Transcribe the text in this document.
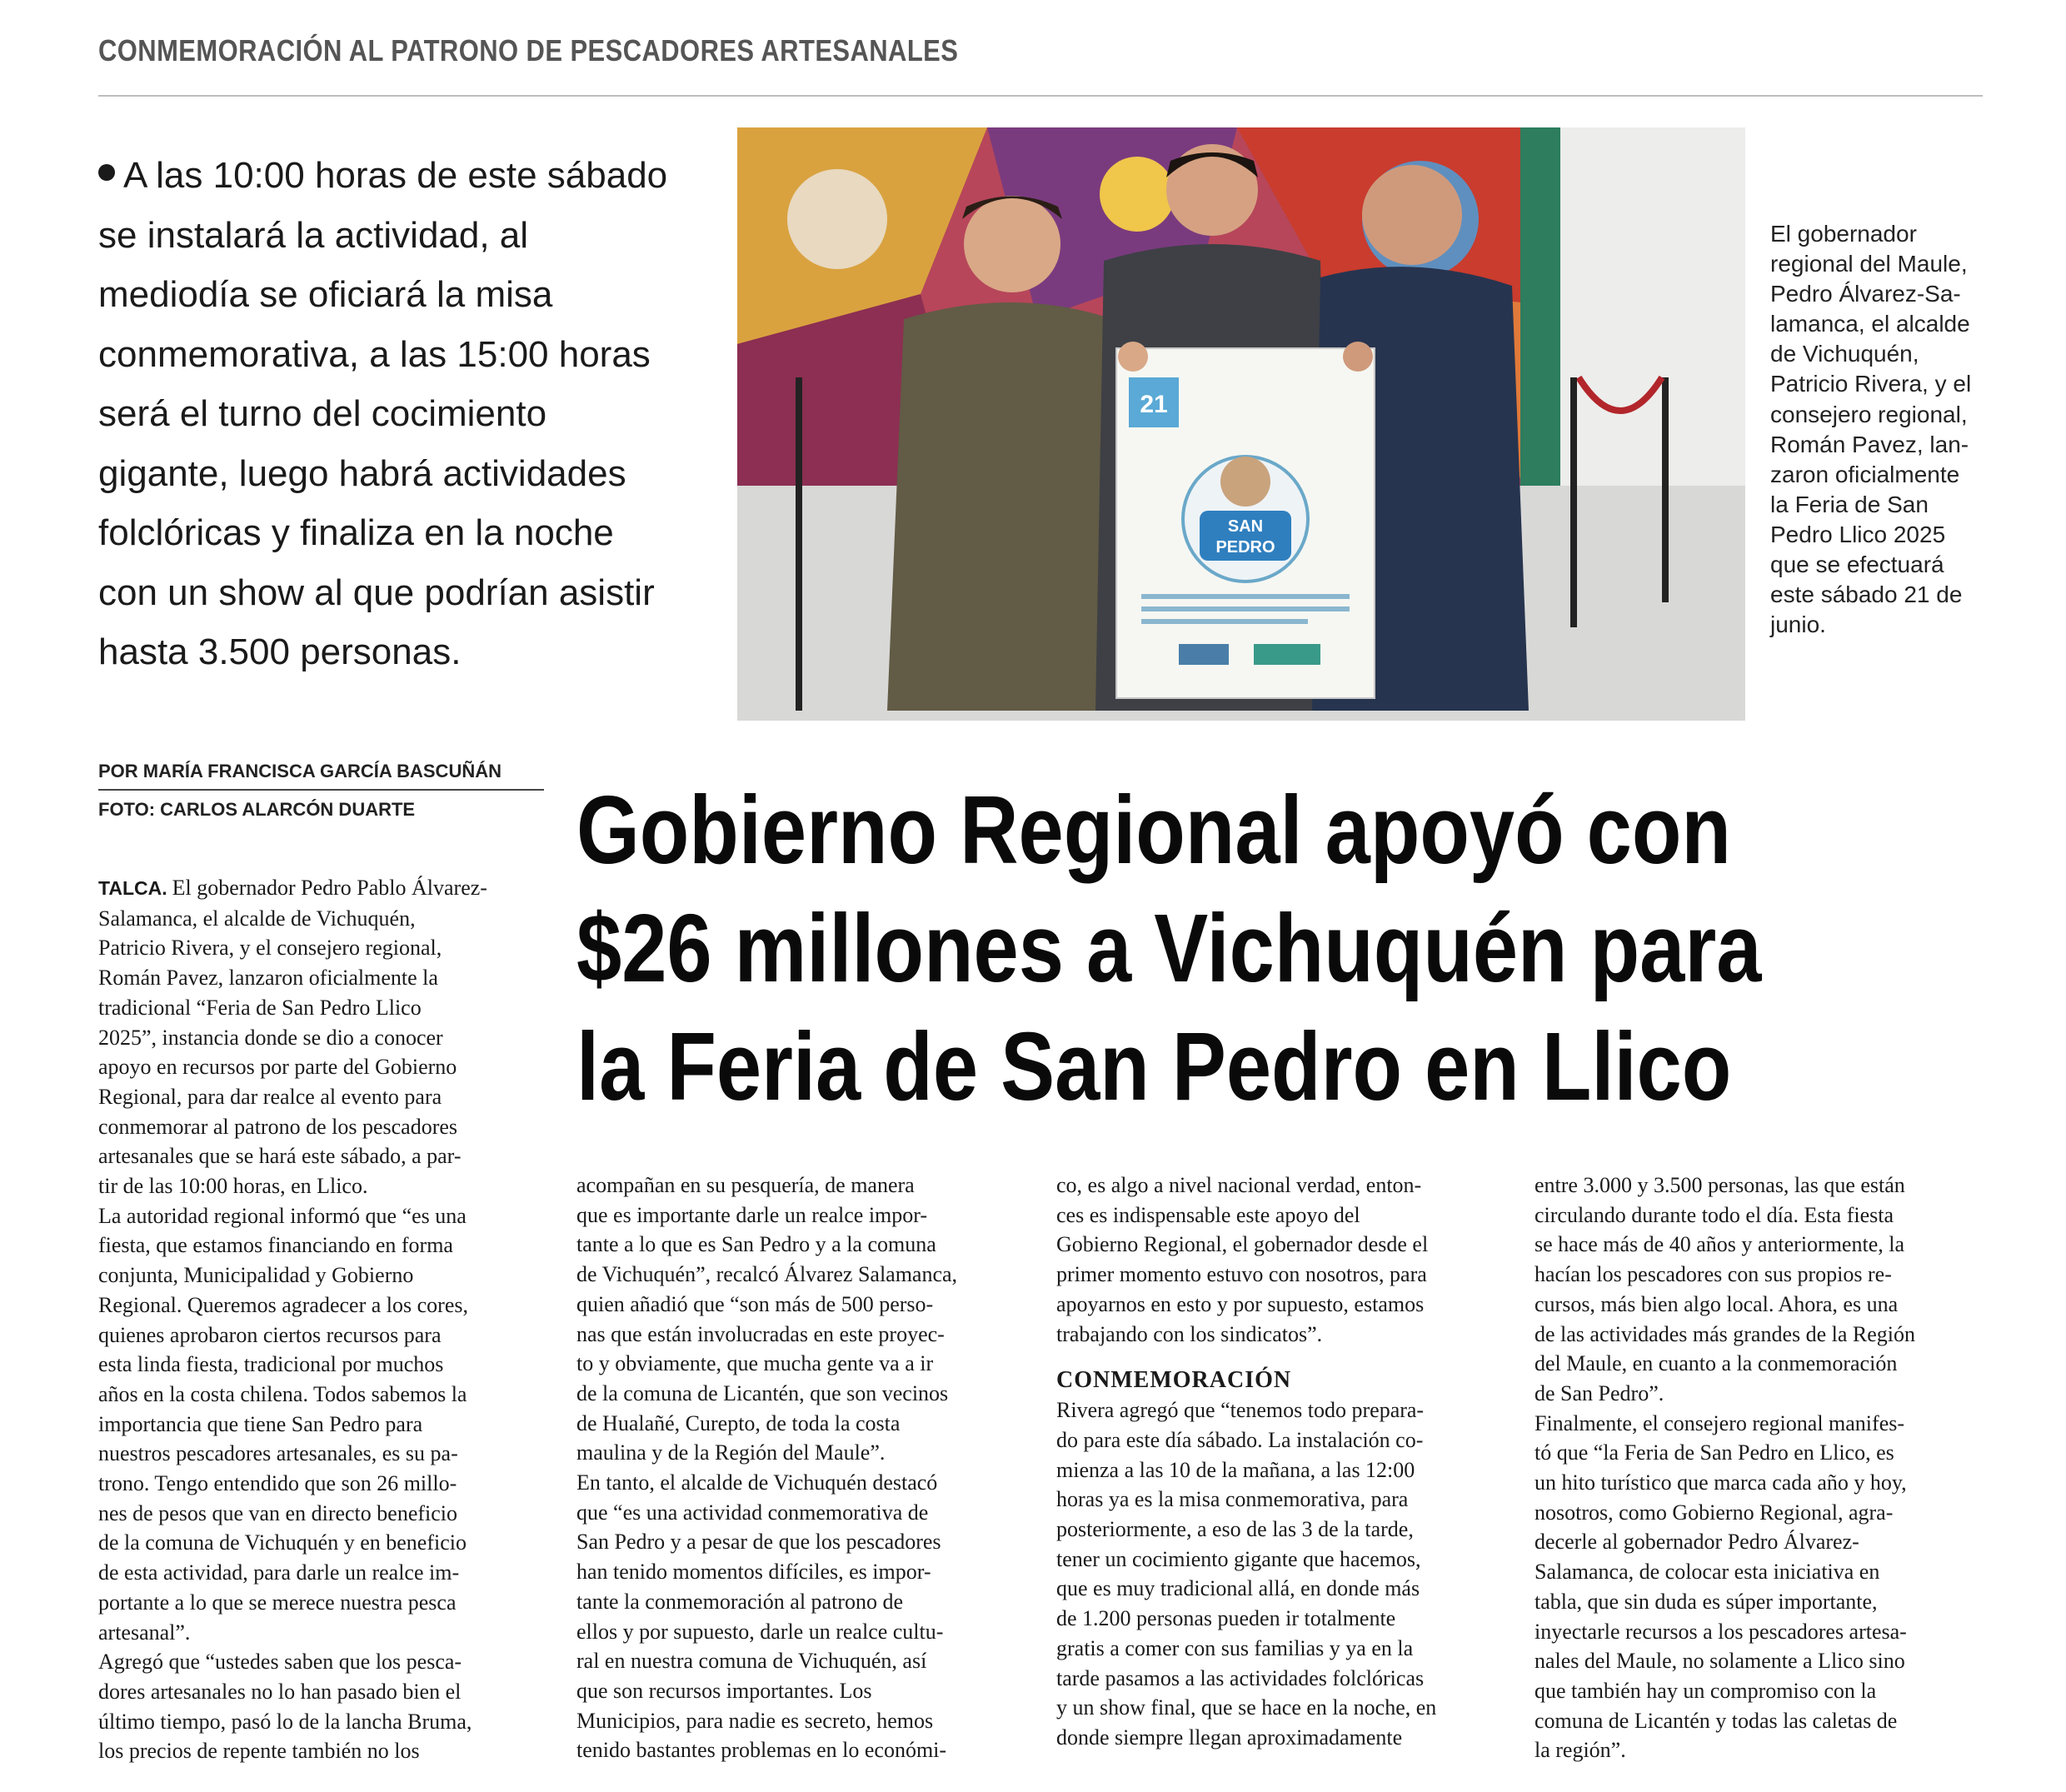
CONMEMORACIÓN AL PATRONO DE PESCADORES ARTESANALES
A las 10:00 horas de este sábado
se instalará la actividad, al
mediodía se oficiará la misa
conmemorativa, a las 15:00 horas
será el turno del cocimiento
gigante, luego habrá actividades
folclóricas y finaliza en la noche
con un show al que podrían asistir
hasta 3.500 personas.
21
SAN
PEDRO
El gobernador
regional del Maule,
Pedro Álvarez-Sa-
lamanca, el alcalde
de Vichuquén,
Patricio Rivera, y el
consejero regional,
Román Pavez, lan-
zaron oficialmente
la Feria de San
Pedro Llico 2025
que se efectuará
este sábado 21 de
junio.
POR MARÍA FRANCISCA GARCÍA BASCUÑÁN
FOTO: CARLOS ALARCÓN DUARTE	Gobierno Regional apoyó con
$26 millones a Vichuquén para
la Feria de San Pedro en Llico
TALCA. El gobernador Pedro Pablo Álvarez-
Salamanca, el alcalde de Vichuquén,
Patricio Rivera, y el consejero regional,
Román Pavez, lanzaron oficialmente la
tradicional “Feria de San Pedro Llico
2025”, instancia donde se dio a conocer
apoyo en recursos por parte del Gobierno
Regional, para dar realce al evento para
conmemorar al patrono de los pescadores
artesanales que se hará este sábado, a par-
tir de las 10:00 horas, en Llico.
La autoridad regional informó que “es una
fiesta, que estamos financiando en forma
conjunta, Municipalidad y Gobierno
Regional. Queremos agradecer a los cores,
quienes aprobaron ciertos recursos para
esta linda fiesta, tradicional por muchos
años en la costa chilena. Todos sabemos la
importancia que tiene San Pedro para
nuestros pescadores artesanales, es su pa-
trono. Tengo entendido que son 26 millo-
nes de pesos que van en directo beneficio
de la comuna de Vichuquén y en beneficio
de esta actividad, para darle un realce im-
portante a lo que se merece nuestra pesca
artesanal”.
Agregó que “ustedes saben que los pesca-
dores artesanales no lo han pasado bien el
último tiempo, pasó lo de la lancha Bruma,
los precios de repente también no los
acompañan en su pesquería, de manera
que es importante darle un realce impor-
tante a lo que es San Pedro y a la comuna
de Vichuquén”, recalcó Álvarez Salamanca,
quien añadió que “son más de 500 perso-
nas que están involucradas en este proyec-
to y obviamente, que mucha gente va a ir
de la comuna de Licantén, que son vecinos
de Hualañé, Curepto, de toda la costa
maulina y de la Región del Maule”.
En tanto, el alcalde de Vichuquén destacó
que “es una actividad conmemorativa de
San Pedro y a pesar de que los pescadores
han tenido momentos difíciles, es impor-
tante la conmemoración al patrono de
ellos y por supuesto, darle un realce cultu-
ral en nuestra comuna de Vichuquén, así
que son recursos importantes. Los
Municipios, para nadie es secreto, hemos
tenido bastantes problemas en lo económi-
co, es algo a nivel nacional verdad, enton-
ces es indispensable este apoyo del
Gobierno Regional, el gobernador desde el
primer momento estuvo con nosotros, para
apoyarnos en esto y por supuesto, estamos
trabajando con los sindicatos”.
CONMEMORACIÓN
Rivera agregó que “tenemos todo prepara-
do para este día sábado. La instalación co-
mienza a las 10 de la mañana, a las 12:00
horas ya es la misa conmemorativa, para
posteriormente, a eso de las 3 de la tarde,
tener un cocimiento gigante que hacemos,
que es muy tradicional allá, en donde más
de 1.200 personas pueden ir totalmente
gratis a comer con sus familias y ya en la
tarde pasamos a las actividades folclóricas
y un show final, que se hace en la noche, en
donde siempre llegan aproximadamente
entre 3.000 y 3.500 personas, las que están
circulando durante todo el día. Esta fiesta
se hace más de 40 años y anteriormente, la
hacían los pescadores con sus propios re-
cursos, más bien algo local. Ahora, es una
de las actividades más grandes de la Región
del Maule, en cuanto a la conmemoración
de San Pedro”.
Finalmente, el consejero regional manifes-
tó que “la Feria de San Pedro en Llico, es
un hito turístico que marca cada año y hoy,
nosotros, como Gobierno Regional, agra-
decerle al gobernador Pedro Álvarez-
Salamanca, de colocar esta iniciativa en
tabla, que sin duda es súper importante,
inyectarle recursos a los pescadores artesa-
nales del Maule, no solamente a Llico sino
que también hay un compromiso con la
comuna de Licantén y todas las caletas de
la región”.
